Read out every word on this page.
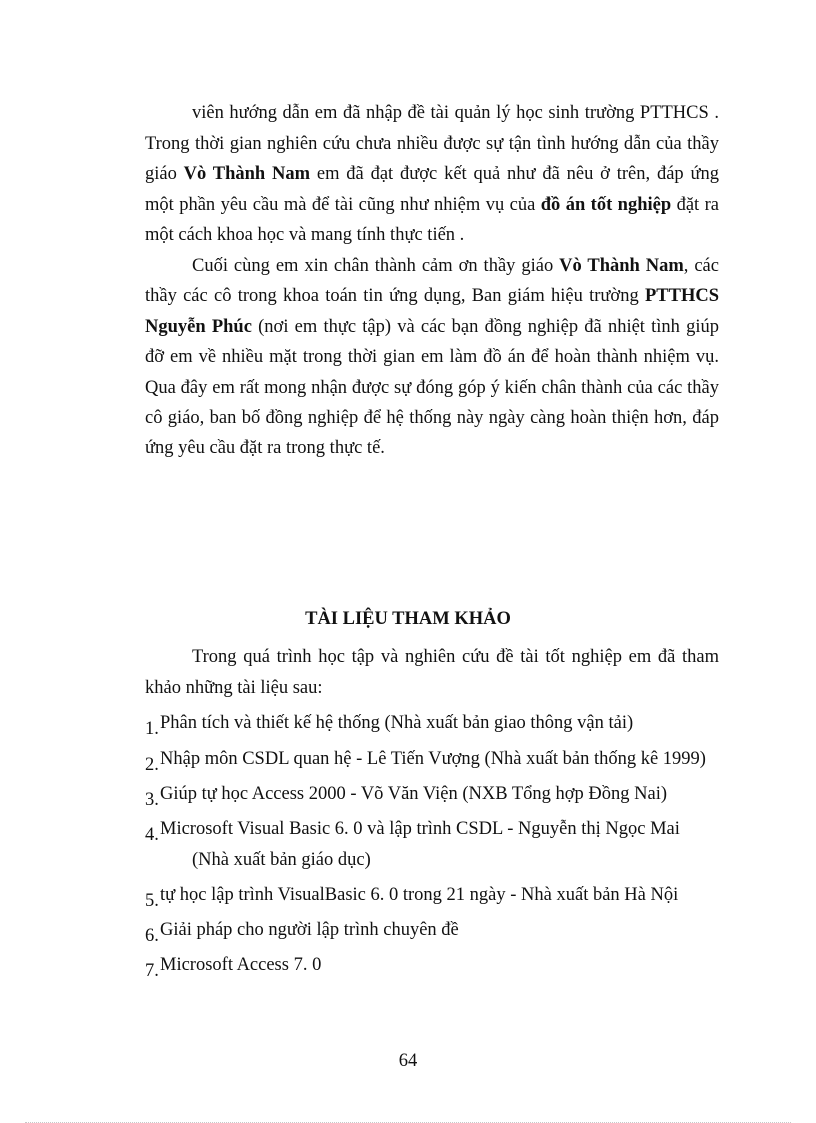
viên hướng dẫn em đã nhập đề tài quản lý học sinh trường PTTHCS .
Trong thời gian nghiên cứu chưa nhiều được sự tận tình hướng dẫn của thầy
giáo Vò Thành Nam em đã đạt được kết quả như đã nêu ở trên, đáp ứng
một phần yêu cầu mà để tài cũng như nhiệm vụ của đồ án tốt nghiệp đặt ra
một cách khoa học và mang tính thực tiến .
Cuối cùng em xin chân thành cảm ơn thầy giáo Vò Thành Nam, các
thầy các cô trong khoa toán tin ứng dụng, Ban giám hiệu trường PTTHCS
Nguyễn Phúc (nơi em thực tập) và các bạn đồng nghiệp đã nhiệt tình giúp
đỡ em về nhiều mặt trong thời gian em làm đồ án để hoàn thành nhiệm vụ.
Qua đây em rất mong nhận được sự đóng góp ý kiến chân thành của các thầy
cô giáo, ban bố đồng nghiệp để hệ thống này ngày càng hoàn thiện hơn, đáp
ứng yêu cầu đặt ra trong thực tế.
TÀI LIỆU THAM KHẢO
Trong quá trình học tập và nghiên cứu đề tài tốt nghiệp em đã tham
khảo những tài liệu sau:
1.Phân tích và thiết kế hệ thống (Nhà xuất bản giao thông vận tải)
2.Nhập môn CSDL quan hệ - Lê Tiến Vượng (Nhà xuất bản thống kê 1999)
3.Giúp tự học Access 2000 - Võ Văn Viện (NXB Tổng hợp Đồng Nai)
4.Microsoft Visual Basic 6. 0 và lập trình CSDL - Nguyễn thị Ngọc Mai
(Nhà xuất bản giáo dục)
5.tự học lập trình VisualBasic 6. 0 trong 21 ngày - Nhà xuất bản Hà Nội
6.Giải pháp cho người lập trình chuyên đề
7.Microsoft Access 7. 0
64
